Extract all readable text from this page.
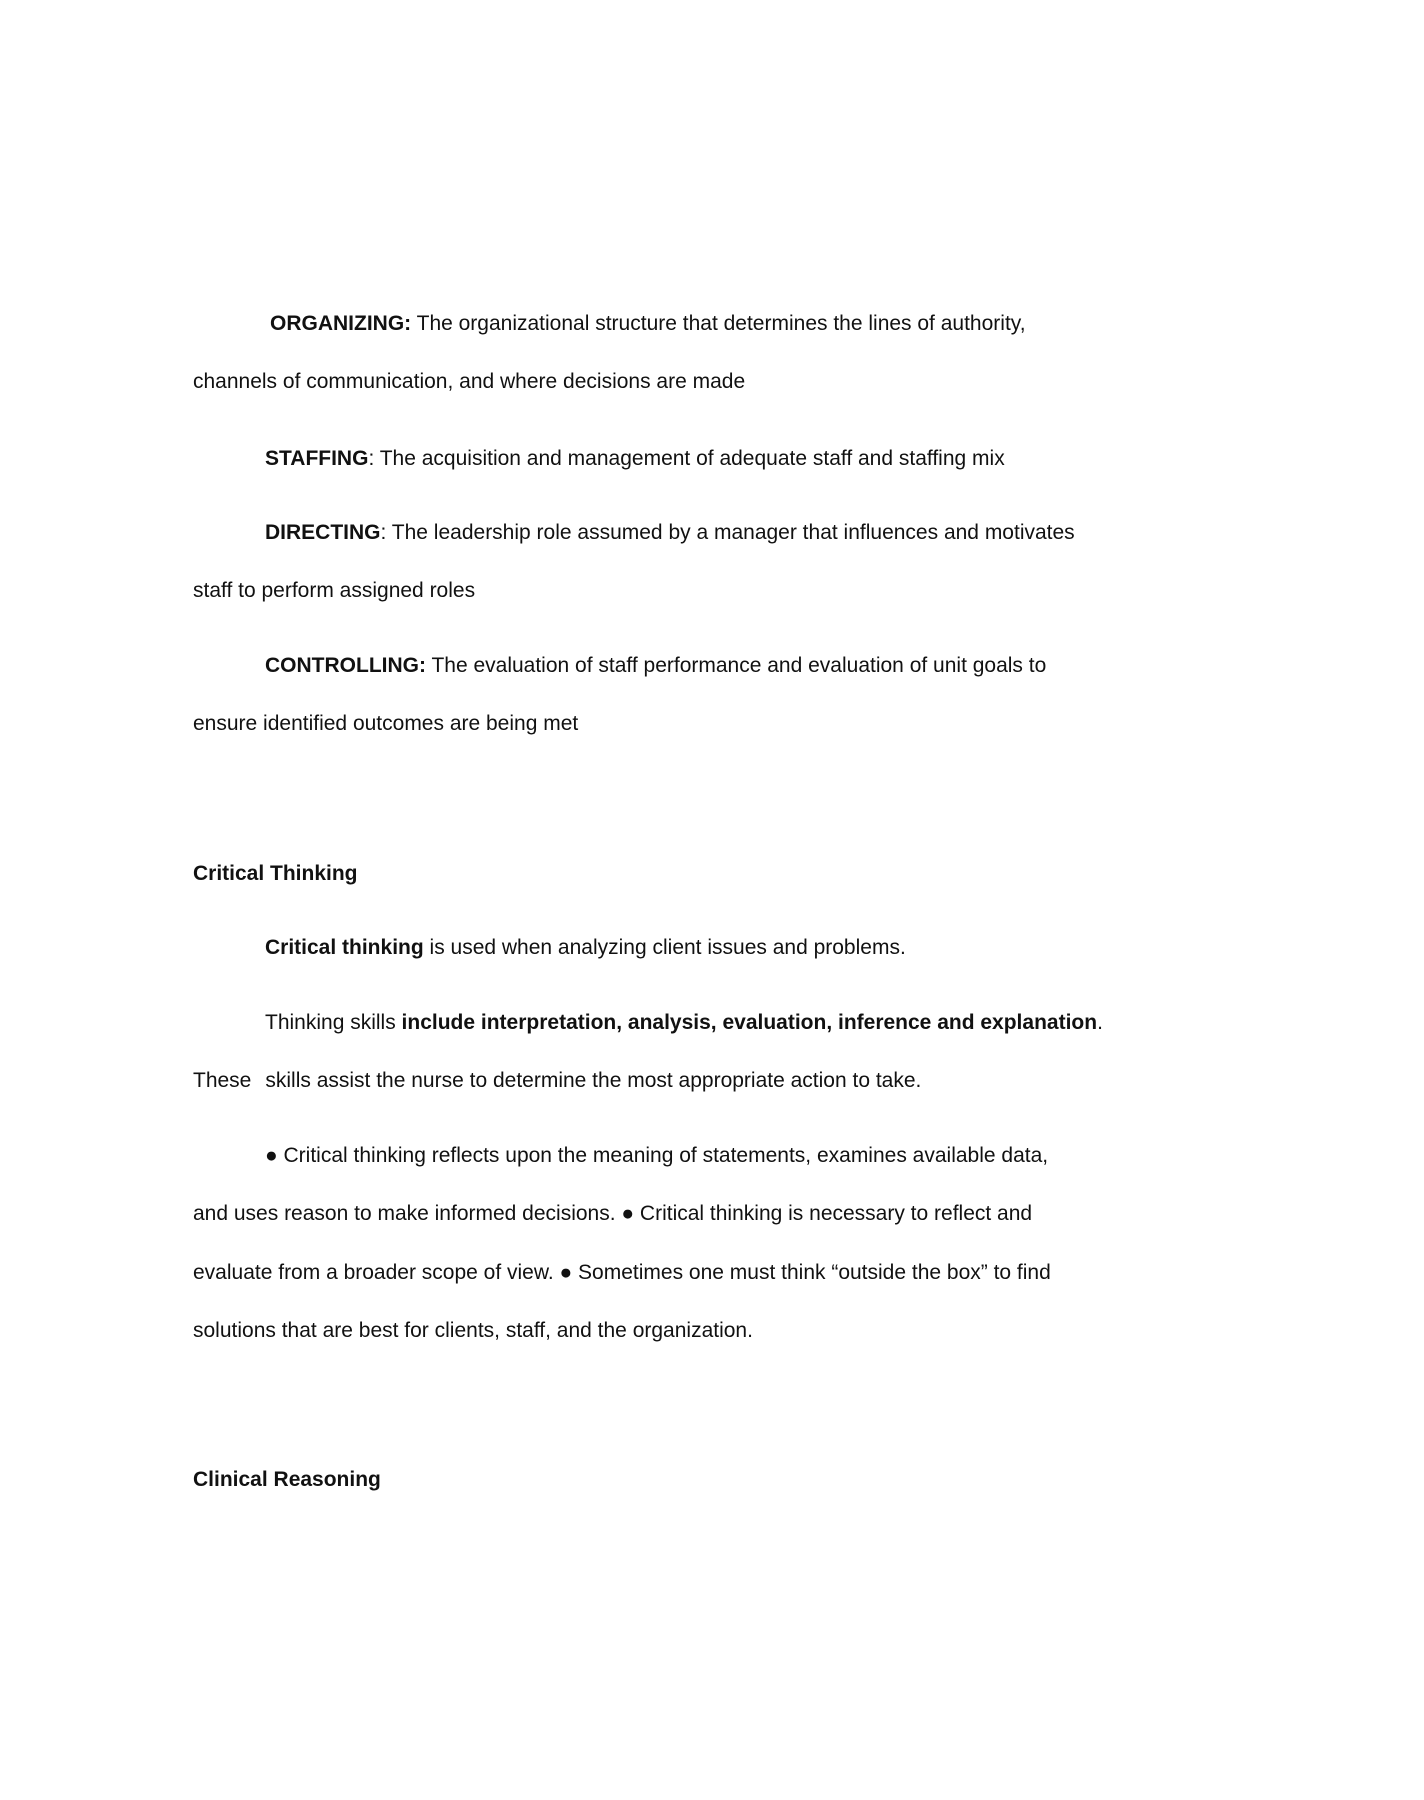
ORGANIZING: The organizational structure that determines the lines of authority,
channels of communication, and where decisions are made
STAFFING: The acquisition and management of adequate staff and staffing mix
DIRECTING: The leadership role assumed by a manager that influences and motivates
staff to perform assigned roles
CONTROLLING: The evaluation of staff performance and evaluation of unit goals to
ensure identified outcomes are being met
Critical Thinking
Critical thinking is used when analyzing client issues and problems.
Thinking skills include interpretation, analysis, evaluation, inference and explanation.
These skills assist the nurse to determine the most appropriate action to take.
● Critical thinking reflects upon the meaning of statements, examines available data,
and uses reason to make informed decisions. ● Critical thinking is necessary to reflect and
evaluate from a broader scope of view. ● Sometimes one must think “outside the box” to find
solutions that are best for clients, staff, and the organization.
Clinical Reasoning
